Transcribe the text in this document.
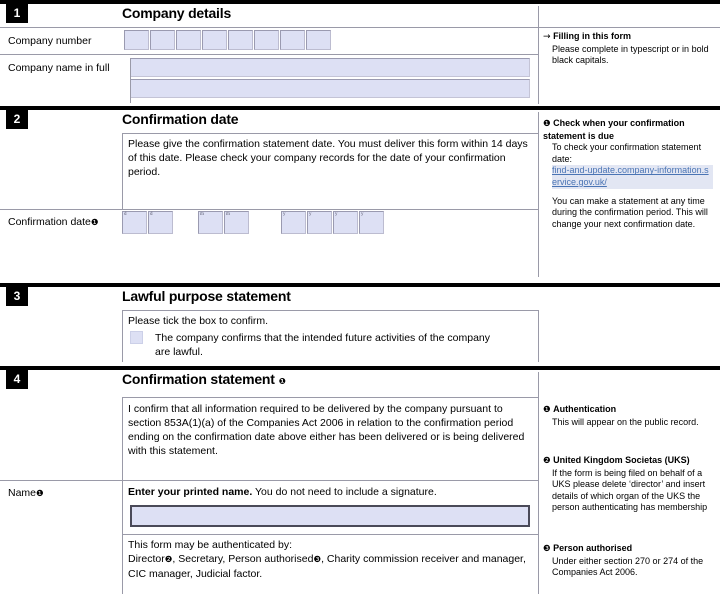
1	Company details
Company number
Company name in full
→ Filling in this form
Please complete in typescript or in bold black capitals.
2	Confirmation date
Please give the confirmation statement date. You must deliver this form within 14 days of this date. Please check your company records for the date of your confirmation period.
Confirmation date❶
d	d	m	m	y	y	y	y
❶ Check when your confirmation statement is due
To check your confirmation statement date:
find-and-update.company-information.service.gov.uk/
You can make a statement at any time during the confirmation period. This will change your next confirmation date.
3	Lawful purpose statement
Please tick the box to confirm.
The company confirms that the intended future activities of the company are lawful.
4	Confirmation statement ❶
I confirm that all information required to be delivered by the company pursuant to section 853A(1)(a) of the Companies Act 2006 in relation to the confirmation period ending on the confirmation date above either has been delivered or is being delivered with this statement.
Name❶	Enter your printed name. You do not need to include a signature.
This form may be authenticated by:
Director❷, Secretary, Person authorised❸, Charity commission receiver and manager, CIC manager, Judicial factor.
❶ Authentication
This will appear on the public record.
❷ United Kingdom Societas (UKS)
If the form is being filed on behalf of a UKS please delete ‘director’ and insert details of which organ of the UKS the person authenticating has membership
❸ Person authorised
Under either section 270 or 274 of the Companies Act 2006.
